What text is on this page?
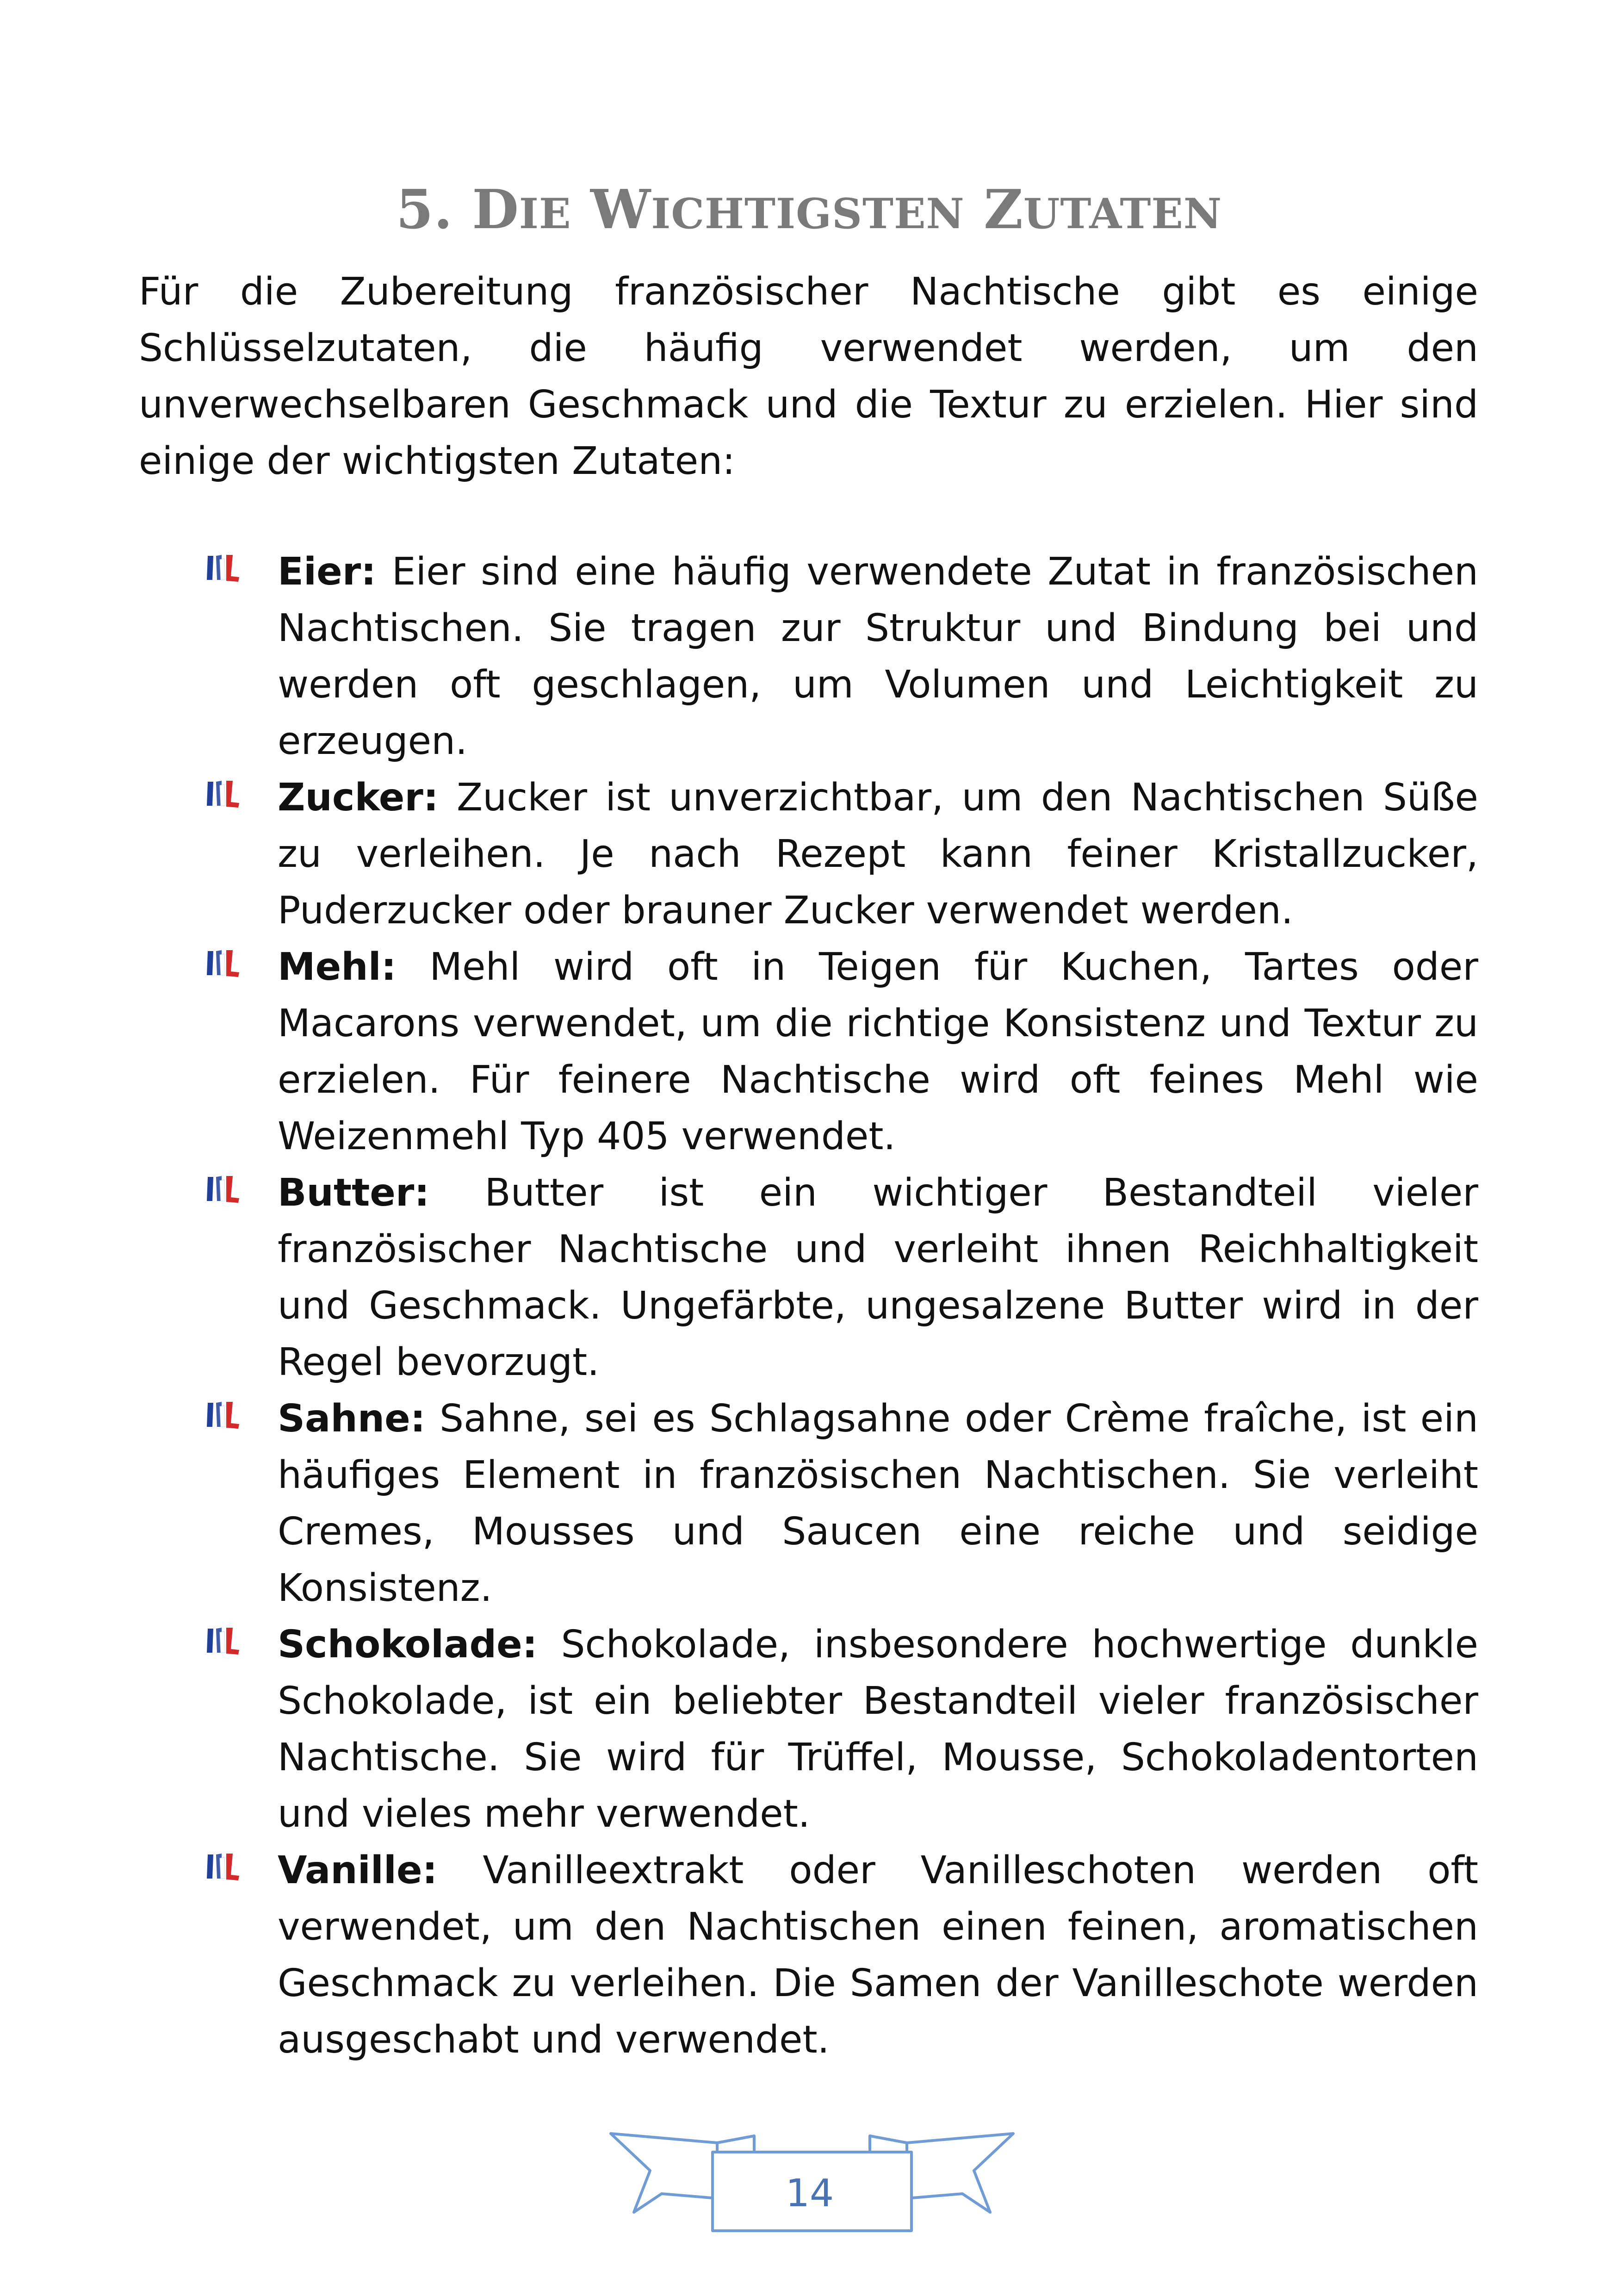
5. DIE WICHTIGSTEN ZUTATEN

Für die Zubereitung französischer Nachtische gibt es einige Schlüsselzutaten, die häufig verwendet werden, um den unverwechselbaren Geschmack und die Textur zu erzielen. Hier sind einige der wichtigsten Zutaten:

Eier: Eier sind eine häufig verwendete Zutat in französischen Nachtischen. Sie tragen zur Struktur und Bindung bei und werden oft geschlagen, um Volumen und Leichtigkeit zu erzeugen.
Zucker: Zucker ist unverzichtbar, um den Nachtischen Süße zu verleihen. Je nach Rezept kann feiner Kristallzucker, Puderzucker oder brauner Zucker verwendet werden.
Mehl: Mehl wird oft in Teigen für Kuchen, Tartes oder Macarons verwendet, um die richtige Konsistenz und Textur zu erzielen. Für feinere Nachtische wird oft feines Mehl wie Weizenmehl Typ 405 verwendet.
Butter: Butter ist ein wichtiger Bestandteil vieler französischer Nachtische und verleiht ihnen Reichhaltigkeit und Geschmack. Ungefärbte, ungesalzene Butter wird in der Regel bevorzugt.
Sahne: Sahne, sei es Schlagsahne oder Crème fraîche, ist ein häufiges Element in französischen Nachtischen. Sie verleiht Cremes, Mousses und Saucen eine reiche und seidige Konsistenz.
Schokolade: Schokolade, insbesondere hochwertige dunkle Schokolade, ist ein beliebter Bestandteil vieler französischer Nachtische. Sie wird für Trüffel, Mousse, Schokoladentorten und vieles mehr verwendet.
Vanille: Vanilleextrakt oder Vanilleschoten werden oft verwendet, um den Nachtischen einen feinen, aromatischen Geschmack zu verleihen. Die Samen der Vanilleschote werden ausgeschabt und verwendet.
14
